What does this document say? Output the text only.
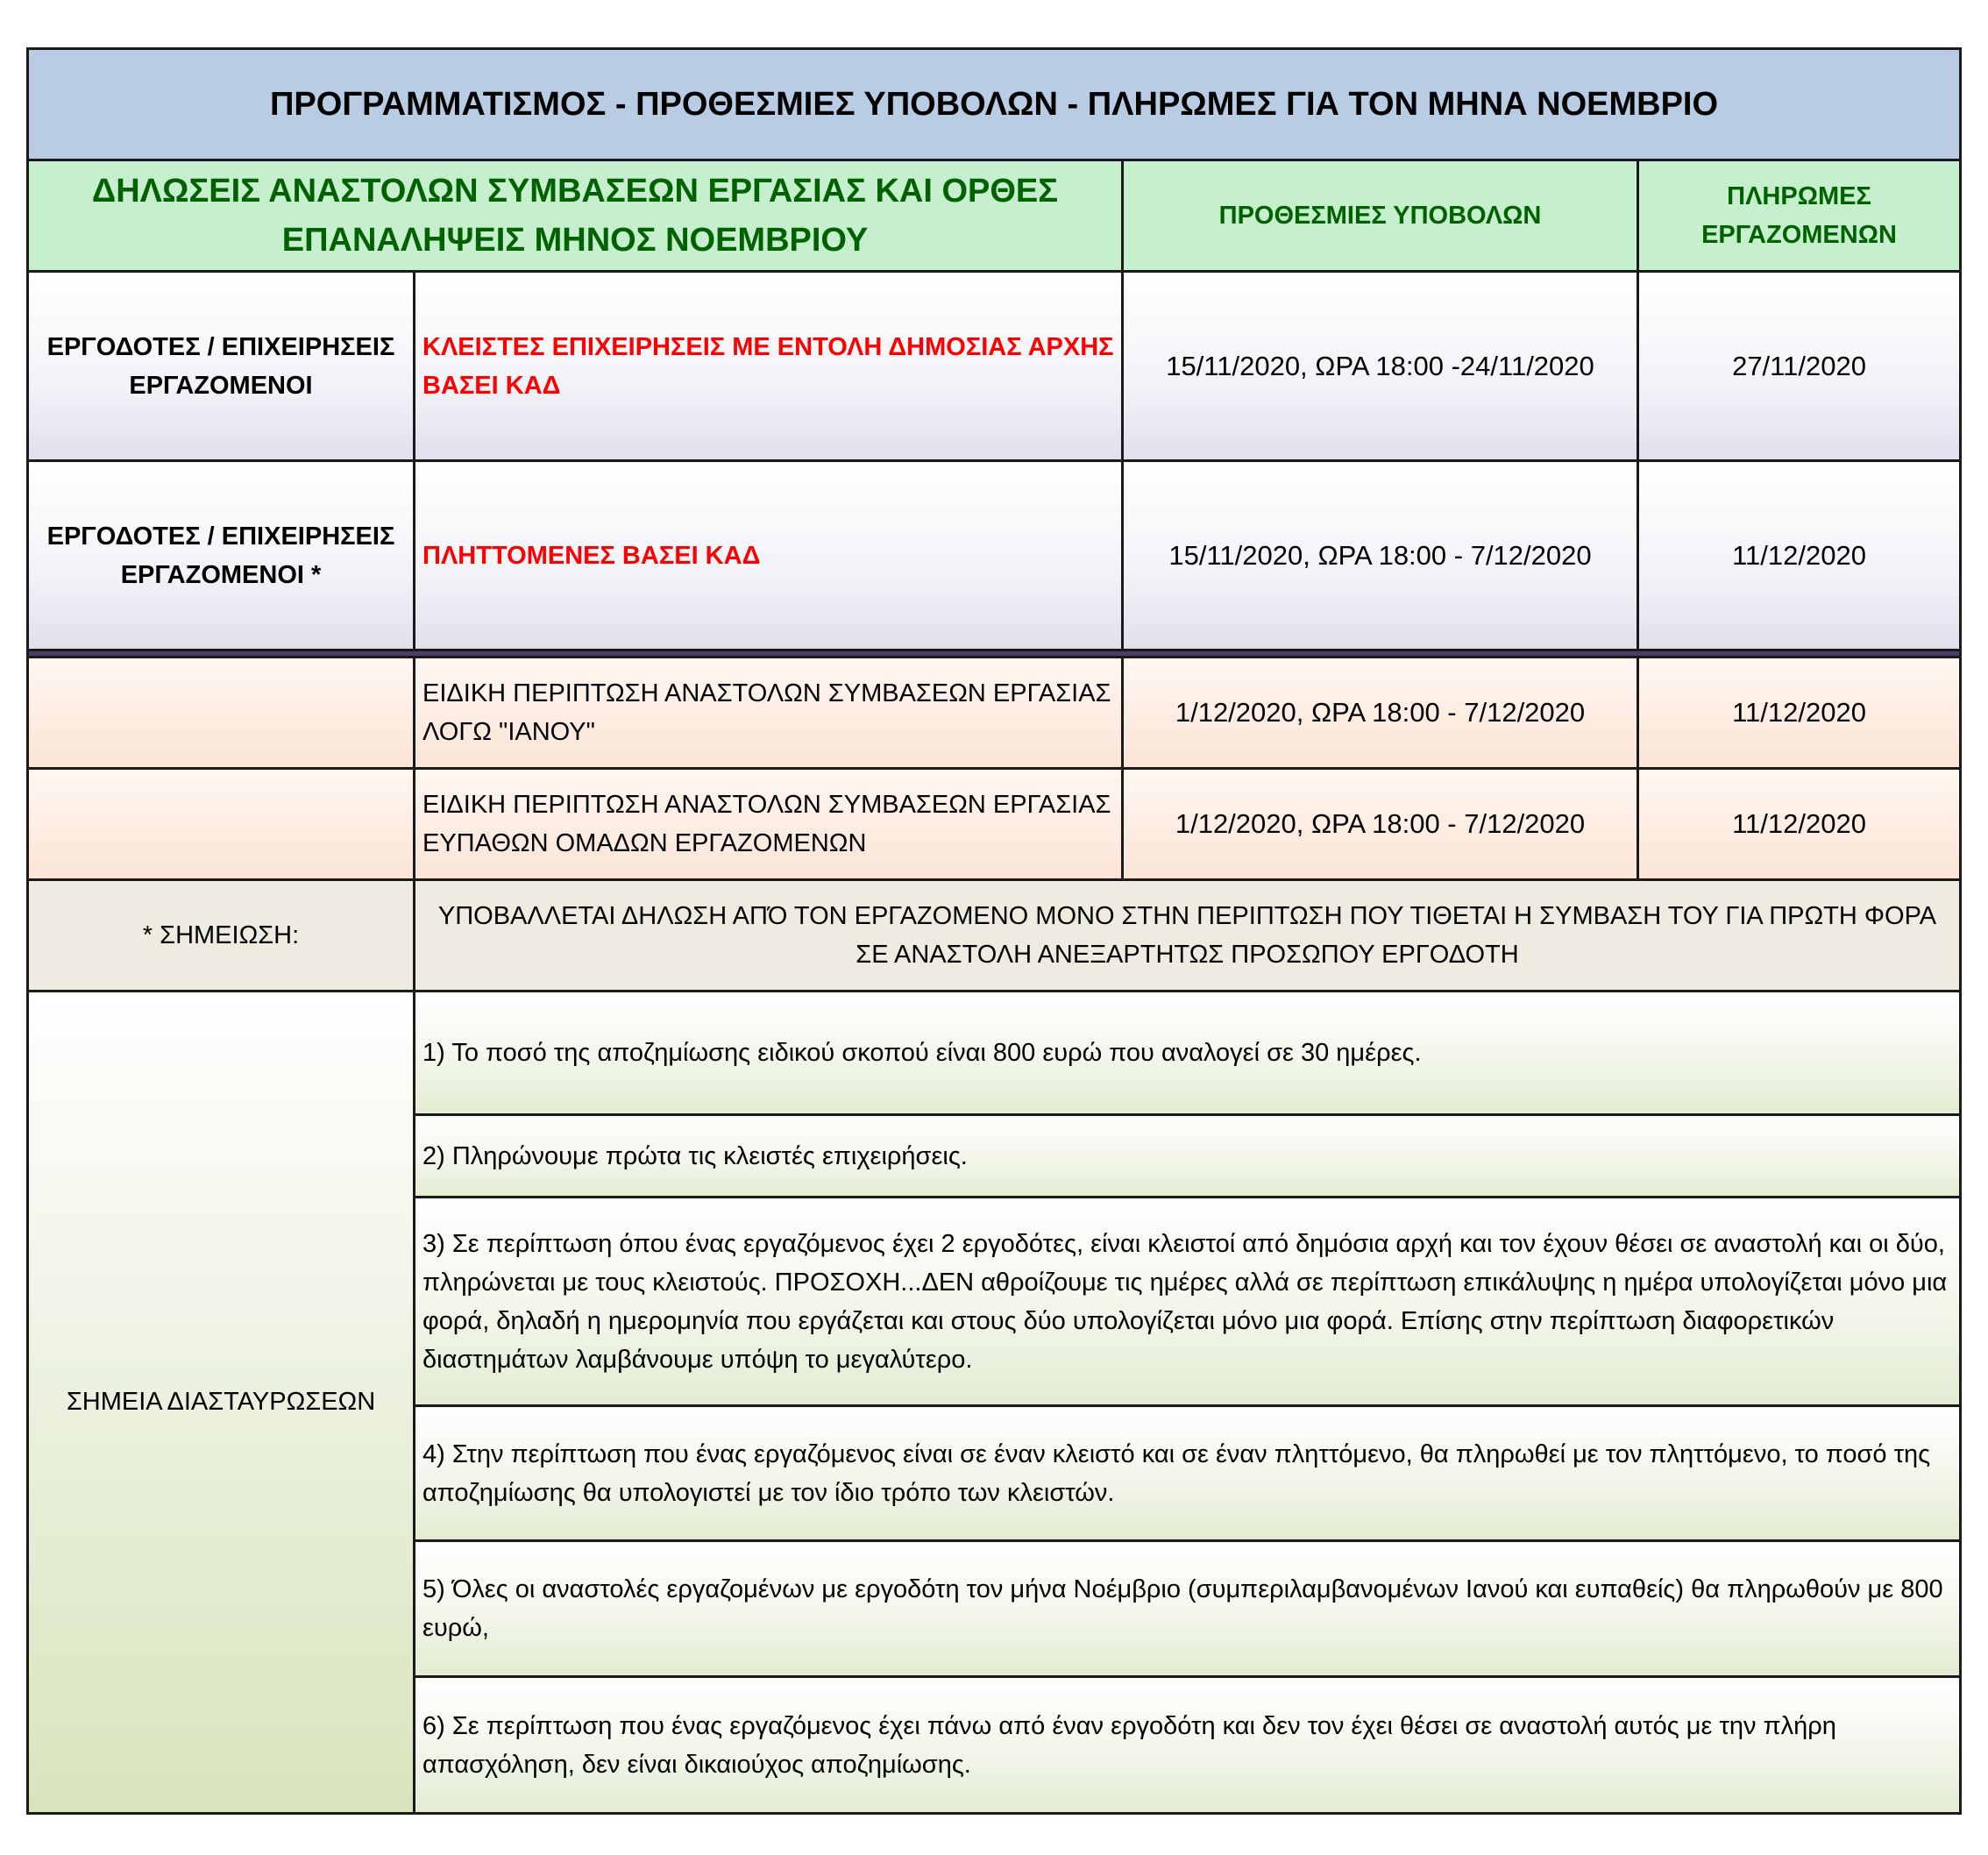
ΠΡΟΓΡΑΜΜΑΤΙΣΜΟΣ - ΠΡΟΘΕΣΜΙΕΣ ΥΠΟΒΟΛΩΝ - ΠΛΗΡΩΜΕΣ ΓΙΑ ΤΟΝ ΜΗΝΑ ΝΟΕΜΒΡΙΟ			
ΔΗΛΩΣΕΙΣ ΑΝΑΣΤΟΛΩΝ ΣΥΜΒΑΣΕΩΝ ΕΡΓΑΣΙΑΣ ΚΑΙ ΟΡΘΕΣ ΕΠΑΝΑΛΗΨΕΙΣ ΜΗΝΟΣ ΝΟΕΜΒΡΙΟΥ		ΠΡΟΘΕΣΜΙΕΣ ΥΠΟΒΟΛΩΝ	ΠΛΗΡΩΜΕΣ ΕΡΓΑΖΟΜΕΝΩΝ
ΕΡΓΟΔΟΤΕΣ / ΕΠΙΧΕΙΡΗΣΕΙΣ ΕΡΓΑΖΟΜΕΝΟΙ	ΚΛΕΙΣΤΕΣ ΕΠΙΧΕΙΡΗΣΕΙΣ ΜΕ ΕΝΤΟΛΗ ΔΗΜΟΣΙΑΣ ΑΡΧΗΣ ΒΑΣΕΙ ΚΑΔ	15/11/2020, ΩΡΑ 18:00 -24/11/2020	27/11/2020
ΕΡΓΟΔΟΤΕΣ / ΕΠΙΧΕΙΡΗΣΕΙΣ ΕΡΓΑΖΟΜΕΝΟΙ *	ΠΛΗΤΤΟΜΕΝΕΣ ΒΑΣΕΙ ΚΑΔ	15/11/2020, ΩΡΑ 18:00 - 7/12/2020	11/12/2020

	ΕΙΔΙΚΗ ΠΕΡΙΠΤΩΣΗ ΑΝΑΣΤΟΛΩΝ ΣΥΜΒΑΣΕΩΝ ΕΡΓΑΣΙΑΣ ΛΟΓΩ "ΙΑΝΟΥ"	1/12/2020, ΩΡΑ 18:00 - 7/12/2020	11/12/2020
	ΕΙΔΙΚΗ ΠΕΡΙΠΤΩΣΗ ΑΝΑΣΤΟΛΩΝ ΣΥΜΒΑΣΕΩΝ ΕΡΓΑΣΙΑΣ ΕΥΠΑΘΩΝ ΟΜΑΔΩΝ ΕΡΓΑΖΟΜΕΝΩΝ	1/12/2020, ΩΡΑ 18:00 - 7/12/2020	11/12/2020
* ΣΗΜΕΙΩΣΗ:	ΥΠΟΒΑΛΛΕΤΑΙ ΔΗΛΩΣΗ ΑΠΌ ΤΟΝ ΕΡΓΑΖΟΜΕΝΟ ΜΟΝΟ ΣΤΗΝ ΠΕΡΙΠΤΩΣΗ ΠΟΥ ΤΙΘΕΤΑΙ Η ΣΥΜΒΑΣΗ ΤΟΥ ΓΙΑ ΠΡΩΤΗ ΦΟΡΑ ΣΕ ΑΝΑΣΤΟΛΗ ΑΝΕΞΑΡΤΗΤΩΣ ΠΡΟΣΩΠΟΥ ΕΡΓΟΔΟΤΗ		
ΣΗΜΕΙΑ ΔΙΑΣΤΑΥΡΩΣΕΩΝ	1) Το ποσό της αποζημίωσης ειδικού σκοπού είναι 800 ευρώ που αναλογεί σε 30 ημέρες.		
	2) Πληρώνουμε πρώτα τις κλειστές επιχειρήσεις.		
	3) Σε περίπτωση όπου ένας εργαζόμενος έχει 2 εργοδότες, είναι κλειστοί από δημόσια αρχή και τον έχουν θέσει σε αναστολή και οι δύο, πληρώνεται με τους κλειστούς. ΠΡΟΣΟΧΗ...ΔΕΝ αθροίζουμε τις ημέρες αλλά σε περίπτωση επικάλυψης η ημέρα υπολογίζεται μόνο μια φορά, δηλαδή η ημερομηνία που εργάζεται και στους δύο υπολογίζεται μόνο μια φορά. Επίσης στην περίπτωση διαφορετικών διαστημάτων λαμβάνουμε υπόψη το μεγαλύτερο.		
	4) Στην περίπτωση που ένας εργαζόμενος είναι σε έναν κλειστό και σε έναν πληττόμενο, θα πληρωθεί με τον πληττόμενο, το ποσό της αποζημίωσης θα υπολογιστεί με τον ίδιο τρόπο των κλειστών.		
	5) Όλες οι αναστολές εργαζομένων με εργοδότη τον μήνα Νοέμβριο (συμπεριλαμβανομένων Ιανού και ευπαθείς) θα πληρωθούν με 800 ευρώ,		
	6) Σε περίπτωση που ένας εργαζόμενος έχει πάνω από έναν εργοδότη και δεν τον έχει θέσει σε αναστολή αυτός με την πλήρη απασχόληση, δεν είναι δικαιούχος αποζημίωσης.		
